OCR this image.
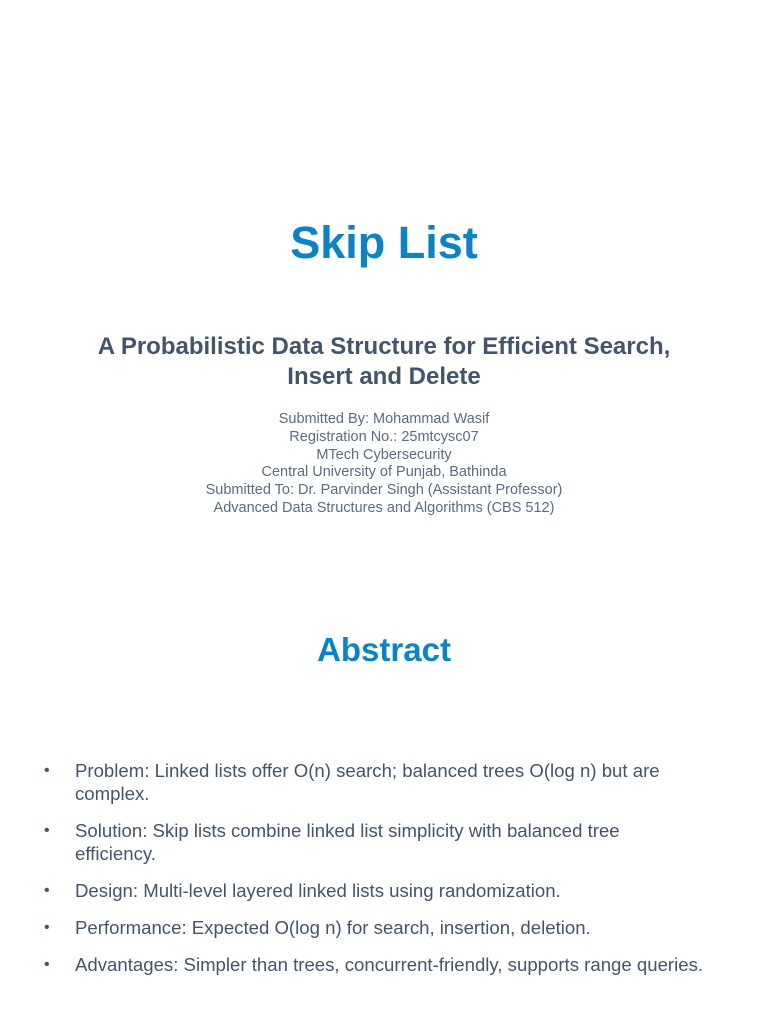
Skip List
A Probabilistic Data Structure for Efficient Search, Insert and Delete
Submitted By: Mohammad Wasif
Registration No.: 25mtcysc07
MTech Cybersecurity
Central University of Punjab, Bathinda
Submitted To: Dr. Parvinder Singh (Assistant Professor)
Advanced Data Structures and Algorithms (CBS 512)
Abstract
•	Problem: Linked lists offer O(n) search; balanced trees O(log n) but are complex.
•	Solution: Skip lists combine linked list simplicity with balanced tree efficiency.
•	Design: Multi-level layered linked lists using randomization.
•	Performance: Expected O(log n) for search, insertion, deletion.
•	Advantages: Simpler than trees, concurrent-friendly, supports range queries.
